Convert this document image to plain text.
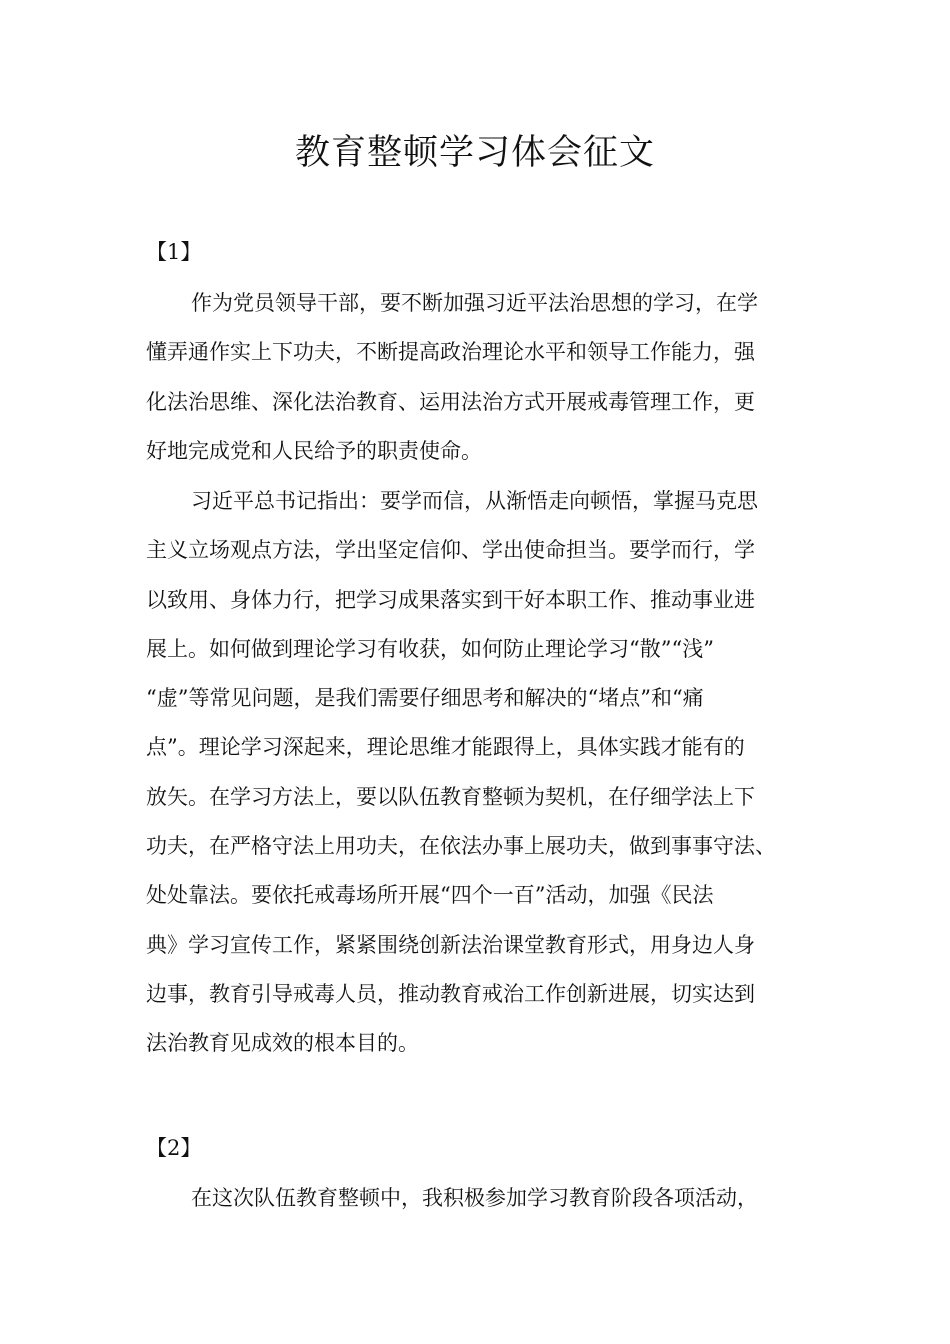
教育整顿学习体会征文
【1】
作为党员领导干部，要不断加强习近平法治思想的学习，在学
懂弄通作实上下功夫，不断提高政治理论水平和领导工作能力，强
化法治思维、深化法治教育、运用法治方式开展戒毒管理工作，更
好地完成党和人民给予的职责使命。
习近平总书记指出：要学而信，从渐悟走向顿悟，掌握马克思
主义立场观点方法，学出坚定信仰、学出使命担当。要学而行，学
以致用、身体力行，把学习成果落实到干好本职工作、推动事业进
展上。如何做到理论学习有收获，如何防止理论学习“散”“浅”
“虚”等常见问题，是我们需要仔细思考和解决的“堵点”和“痛
点”。理论学习深起来，理论思维才能跟得上，具体实践才能有的
放矢。在学习方法上，要以队伍教育整顿为契机，在仔细学法上下
功夫，在严格守法上用功夫，在依法办事上展功夫，做到事事守法、
处处靠法。要依托戒毒场所开展“四个一百”活动，加强《民法
典》学习宣传工作，紧紧围绕创新法治课堂教育形式，用身边人身
边事，教育引导戒毒人员，推动教育戒治工作创新进展，切实达到
法治教育见成效的根本目的。
【2】
在这次队伍教育整顿中，我积极参加学习教育阶段各项活动，
